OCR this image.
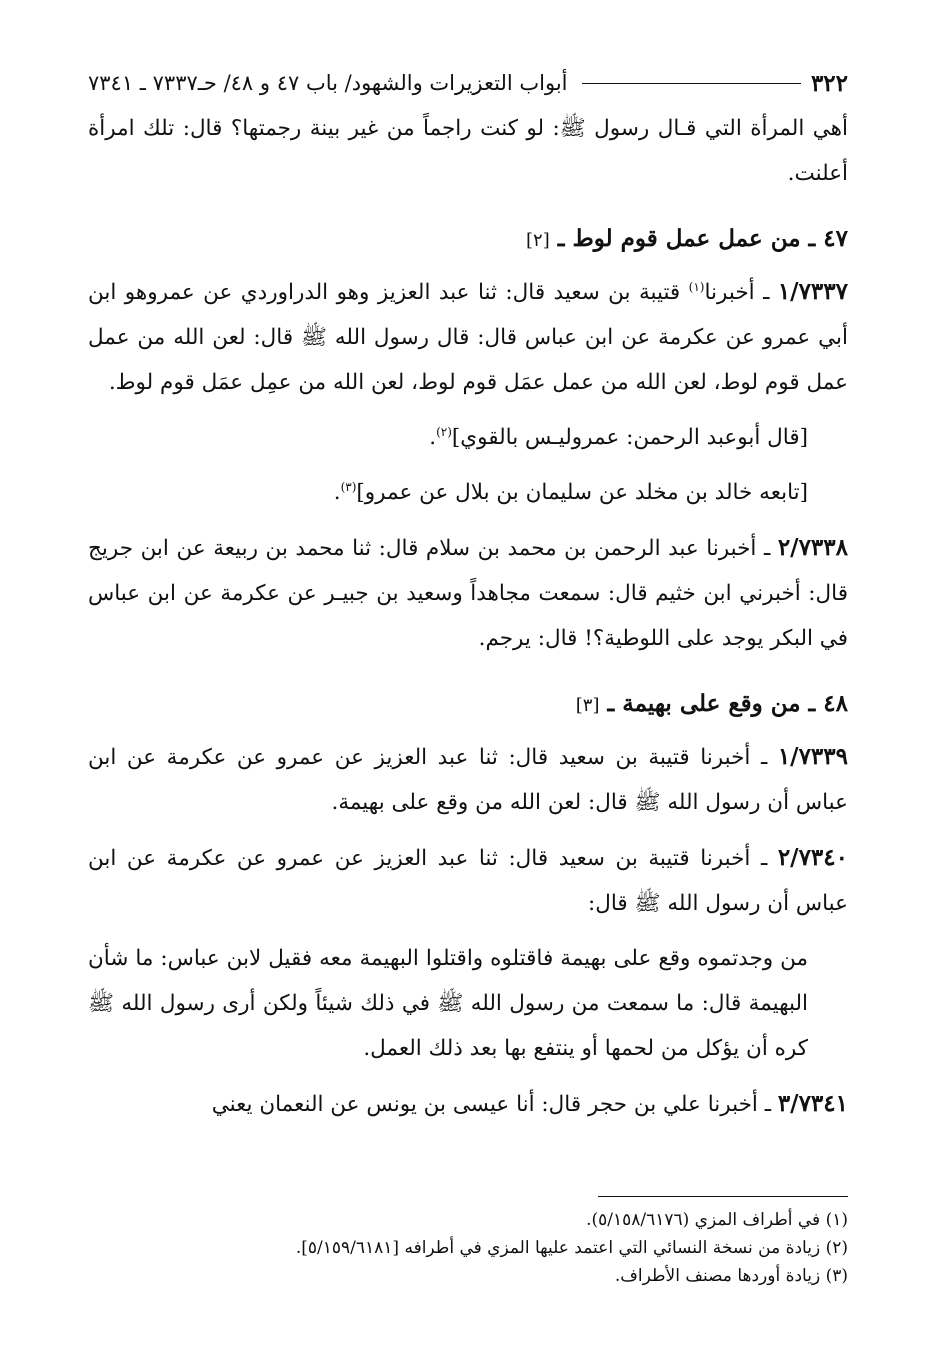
٣٢٢
أبواب التعزيرات والشهود/ باب ٤٧ و ٤٨/ حـ٧٣٣٧ ـ ٧٣٤١

أهي المرأة التي قـال رسول ﷺ: لو كنت راجماً من غير بينة رجمتها؟ قال: تلك امرأة أعلنت.

٤٧ ـ من عمل عمل قوم لوط ـ [٢]

١/٧٣٣٧ ـ أخبرنا$^{(١)}$ قتيبة بن سعيد قال: ثنا عبد العزيز وهو الدراوردي عن عمروهو ابن أبي عمرو عن عكرمة عن ابن عباس قال: قال رسول الله ﷺ قال: لعن الله من عمل عمل قوم لوط، لعن الله من عمل عمَل قوم لوط، لعن الله من عمِل عمَل قوم لوط.

[قال أبوعبد الرحمن: عمروليـس بالقوي]$^{(٢)}$.

[تابعه خالد بن مخلد عن سليمان بن بلال عن عمرو]$^{(٣)}$.

٢/٧٣٣٨ ـ أخبرنا عبد الرحمن بن محمد بن سلام قال: ثنا محمد بن ربيعة عن ابن جريج قال: أخبرني ابن خثيم قال: سمعت مجاهداً وسعيد بن جبيـر عن عكرمة عن ابن عباس في البكر يوجد على اللوطية؟! قال: يرجم.

٤٨ ـ من وقع على بهيمة ـ [٣]

١/٧٣٣٩ ـ أخبرنا قتيبة بن سعيد قال: ثنا عبد العزيز عن عمرو عن عكرمة عن ابن عباس أن رسول الله ﷺ قال: لعن الله من وقع على بهيمة.

٢/٧٣٤٠ ـ أخبرنا قتيبة بن سعيد قال: ثنا عبد العزيز عن عمرو عن عكرمة عن ابن عباس أن رسول الله ﷺ قال:

من وجدتموه وقع على بهيمة فاقتلوه واقتلوا البهيمة معه فقيل لابن عباس: ما شأن البهيمة قال: ما سمعت من رسول الله ﷺ في ذلك شيئاً ولكن أرى رسول الله ﷺ كره أن يؤكل من لحمها أو ينتفع بها بعد ذلك العمل.

٣/٧٣٤١ ـ أخبرنا علي بن حجر قال: أنا عيسى بن يونس عن النعمان يعني

(١) في أطراف المزي (٥/١٥٨/٦١٧٦).

(٢) زيادة من نسخة النسائي التي اعتمد عليها المزي في أطرافه [٥/١٥٩/٦١٨١].

(٣) زيادة أوردها مصنف الأطراف.
